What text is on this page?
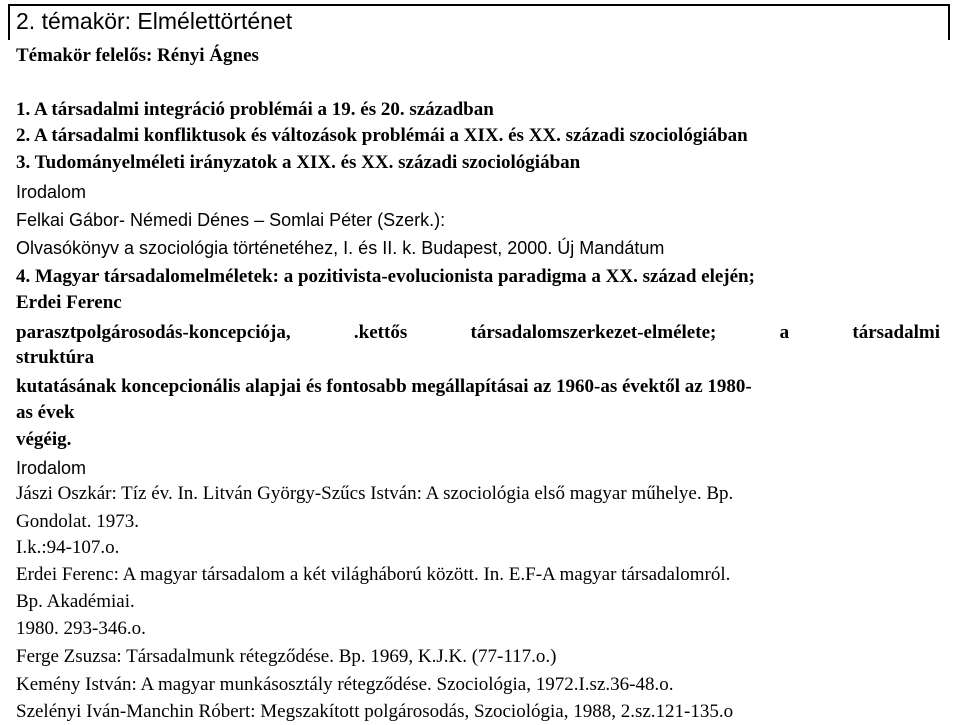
2. témakör: Elmélettörténet
Témakör felelős: Rényi Ágnes
1. A társadalmi integráció problémái a 19. és 20. században
2. A társadalmi konfliktusok és változások problémái a XIX. és XX. századi szociológiában
3. Tudományelméleti irányzatok a XIX. és XX. századi szociológiában
Irodalom
Felkai Gábor- Némedi Dénes – Somlai Péter (Szerk.):
Olvasókönyv a szociológia történetéhez, I. és II. k. Budapest, 2000. Új Mandátum
4. Magyar társadalomelméletek: a pozitivista-evolucionista paradigma a XX. század elején;
Erdei Ferenc
parasztpolgárosodás-koncepciója,	.kettős	társadalomszerkezet-elmélete;	a	társadalmi
struktúra
kutatásának koncepcionális alapjai és fontosabb megállapításai az 1960-as évektől az 1980-
as évek
végéig.
Irodalom
Jászi Oszkár: Tíz év. In. Litván György-Szűcs István: A szociológia első magyar műhelye. Bp.
Gondolat. 1973.
I.k.:94-107.o.
Erdei Ferenc: A magyar társadalom a két világháború között. In. E.F-A magyar társadalomról.
Bp. Akadémiai.
1980. 293-346.o.
Ferge Zsuzsa: Társadalmunk rétegződése. Bp. 1969, K.J.K. (77-117.o.)
Kemény István: A magyar munkásosztály rétegződése. Szociológia, 1972.I.sz.36-48.o.
Szelényi Iván-Manchin Róbert: Megszakított polgárosodás, Szociológia, 1988, 2.sz.121-135.o
